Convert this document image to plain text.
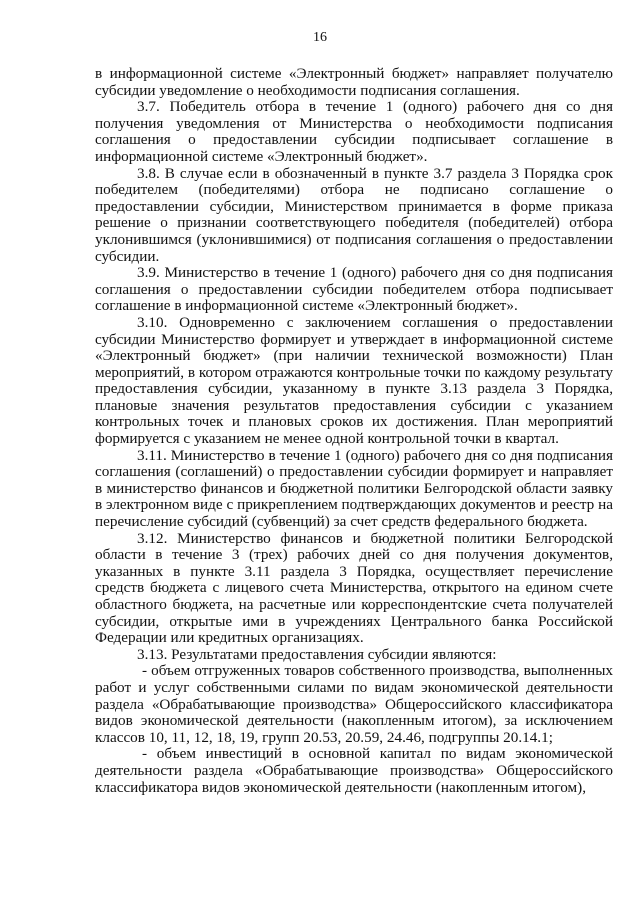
16

в информационной системе «Электронный бюджет» направляет получателю субсидии уведомление о необходимости подписания соглашения.

3.7. Победитель отбора в течение 1 (одного) рабочего дня со дня получения уведомления от Министерства о необходимости подписания соглашения о предоставлении субсидии подписывает соглашение в информационной системе «Электронный бюджет».

3.8. В случае если в обозначенный в пункте 3.7 раздела 3 Порядка срок победителем (победителями) отбора не подписано соглашение о предоставлении субсидии, Министерством принимается в форме приказа решение о признании соответствующего победителя (победителей) отбора уклонившимся (уклонившимися) от подписания соглашения о предоставлении субсидии.

3.9. Министерство в течение 1 (одного) рабочего дня со дня подписания соглашения о предоставлении субсидии победителем отбора подписывает соглашение в информационной системе «Электронный бюджет».

3.10. Одновременно с заключением соглашения о предоставлении субсидии Министерство формирует и утверждает в информационной системе «Электронный бюджет» (при наличии технической возможности) План мероприятий, в котором отражаются контрольные точки по каждому результату предоставления субсидии, указанному в пункте 3.13 раздела 3 Порядка, плановые значения результатов предоставления субсидии с указанием контрольных точек и плановых сроков их достижения. План мероприятий формируется с указанием не менее одной контрольной точки в квартал.

3.11. Министерство в течение 1 (одного) рабочего дня со дня подписания соглашения (соглашений) о предоставлении субсидии формирует и направляет в министерство финансов и бюджетной политики Белгородской области заявку в электронном виде с прикреплением подтверждающих документов и реестр на перечисление субсидий (субвенций) за счет средств федерального бюджета.

3.12. Министерство финансов и бюджетной политики Белгородской области в течение 3 (трех) рабочих дней со дня получения документов, указанных в пункте 3.11 раздела 3 Порядка, осуществляет перечисление средств бюджета с лицевого счета Министерства, открытого на едином счете областного бюджета, на расчетные или корреспондентские счета получателей субсидии, открытые ими в учреждениях Центрального банка Российской Федерации или кредитных организациях.

3.13. Результатами предоставления субсидии являются:

- объем отгруженных товаров собственного производства, выполненных работ и услуг собственными силами по видам экономической деятельности раздела «Обрабатывающие производства» Общероссийского классификатора видов экономической деятельности (накопленным итогом), за исключением классов 10, 11, 12, 18, 19, групп 20.53, 20.59, 24.46, подгруппы 20.14.1;

- объем инвестиций в основной капитал по видам экономической деятельности раздела «Обрабатывающие производства» Общероссийского классификатора видов экономической деятельности (накопленным итогом),
